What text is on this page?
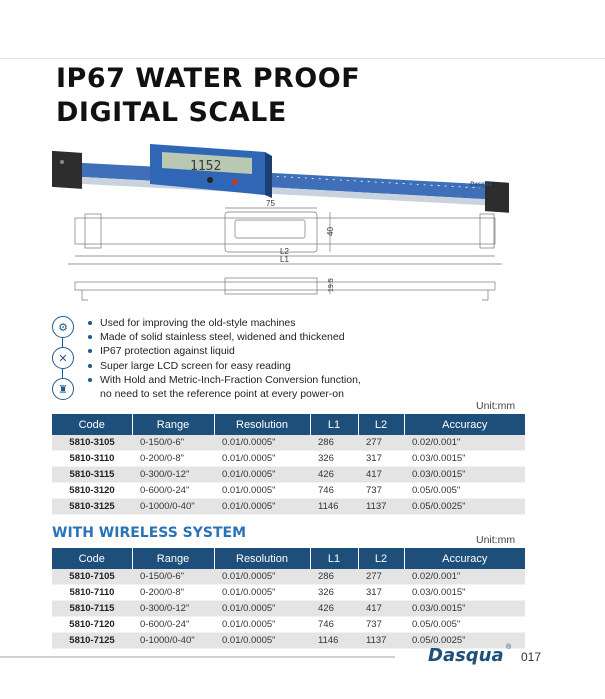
IP67 WATER PROOF
DIGITAL SCALE
1152
Dasqua
75
40
L2
L1
19.5
⚙
✕
♜
Used for improving the old-style machines
Made of solid stainless steel, widened and thickened
IP67 protection against liquid
Super large LCD screen for easy reading
With Hold and Metric-Inch-Fraction Conversion function,
no need to set the reference point at every power-on
Unit:mm
Code	Range	Resolution	L1	L2	Accuracy
5810-3105	0-150/0-6"	0.01/0.0005"	286	277	0.02/0.001"
5810-3110	0-200/0-8"	0.01/0.0005"	326	317	0.03/0.0015"
5810-3115	0-300/0-12"	0.01/0.0005"	426	417	0.03/0.0015"
5810-3120	0-600/0-24"	0.01/0.0005"	746	737	0.05/0.005"
5810-3125	0-1000/0-40"	0.01/0.0005"	1146	1137	0.05/0.0025"
WITH WIRELESS SYSTEM	Unit:mm
Code	Range	Resolution	L1	L2	Accuracy
5810-7105	0-150/0-6"	0.01/0.0005"	286	277	0.02/0.001"
5810-7110	0-200/0-8"	0.01/0.0005"	326	317	0.03/0.0015"
5810-7115	0-300/0-12"	0.01/0.0005"	426	417	0.03/0.0015"
5810-7120	0-600/0-24"	0.01/0.0005"	746	737	0.05/0.005"
5810-7125	0-1000/0-40"	0.01/0.0005"	1146	1137	0.05/0.0025"
Dasqua ®
017
